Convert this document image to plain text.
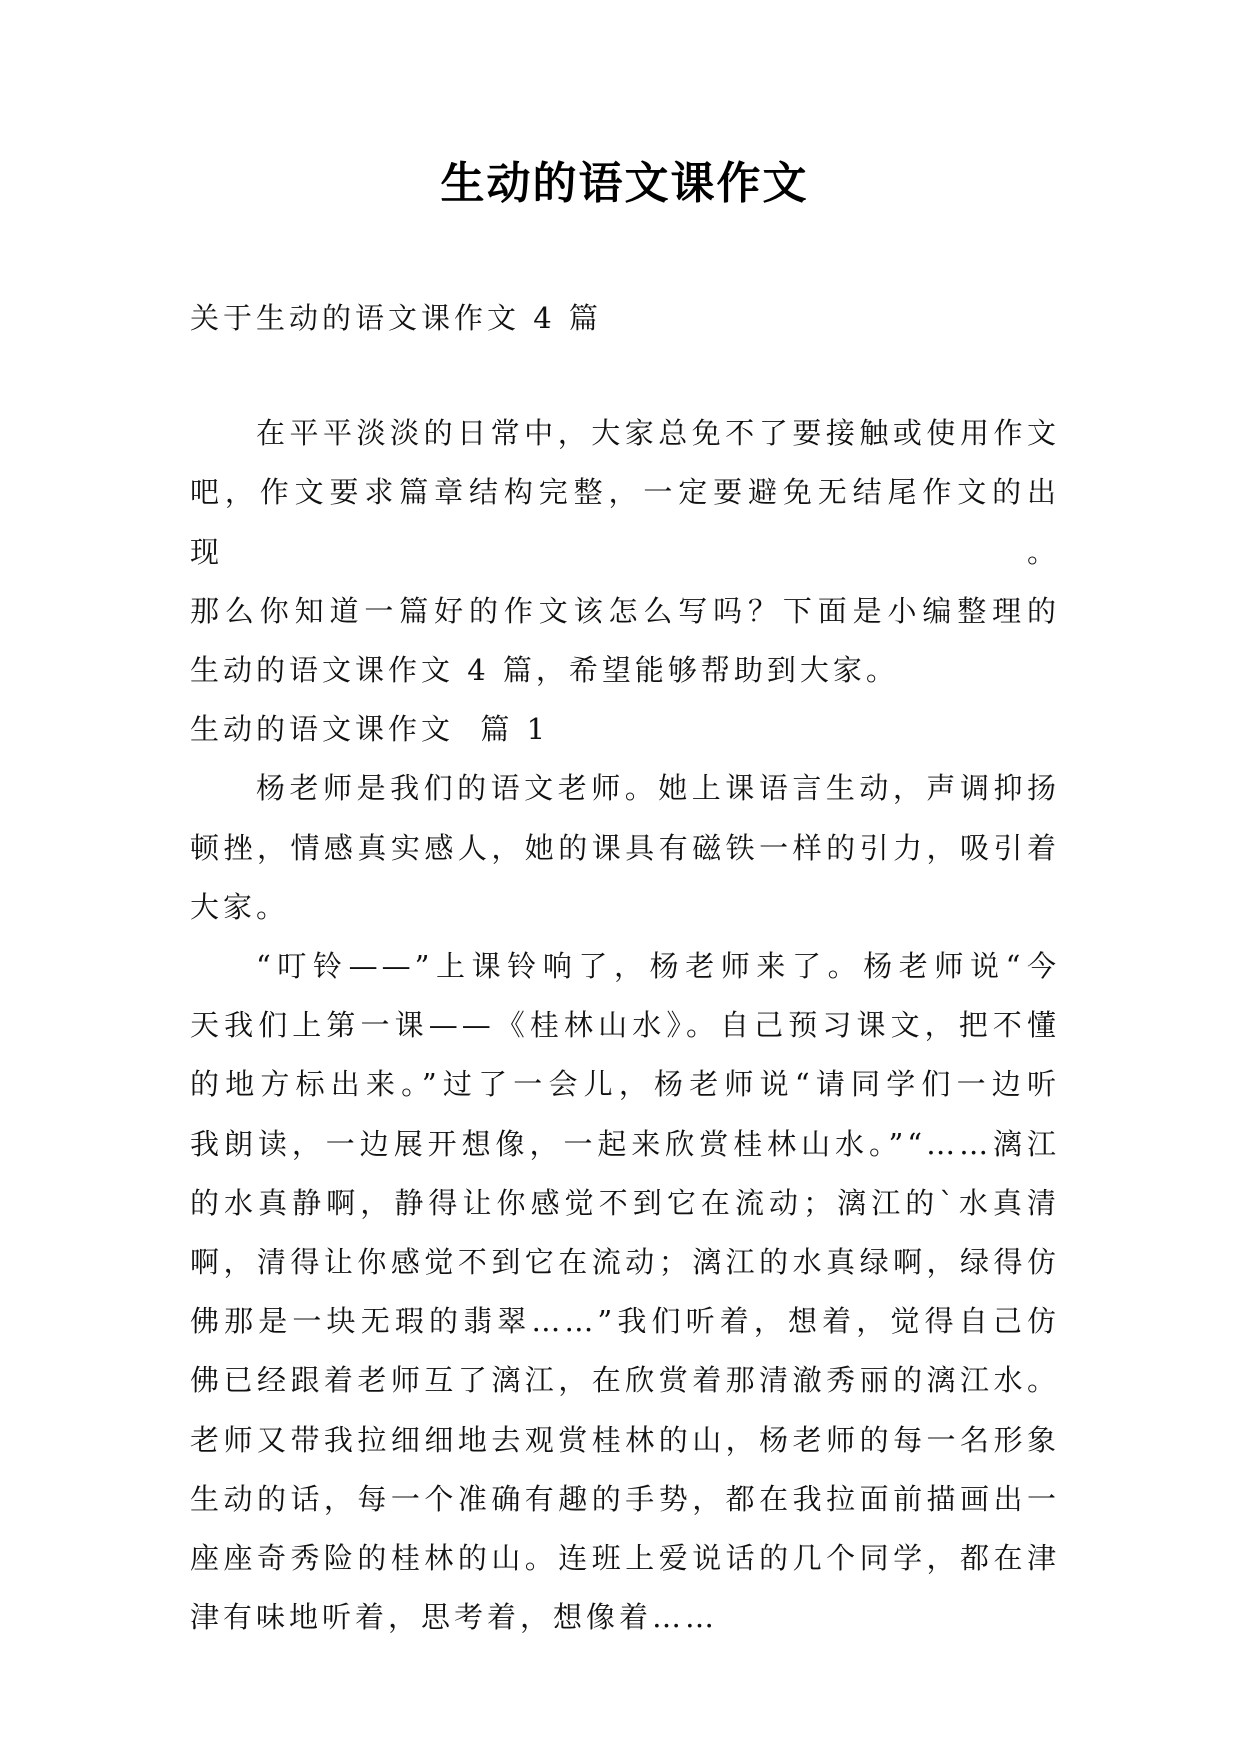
生动的语文课作文
关于生动的语文课作文 4 篇
在平平淡淡的日常中，大家总免不了要接触或使用作文
吧，作文要求篇章结构完整，一定要避免无结尾作文的出现。
那么你知道一篇好的作文该怎么写吗？下面是小编整理的
生动的语文课作文 4 篇，希望能够帮助到大家。
生动的语文课作文  篇 1
杨老师是我们的语文老师。她上课语言生动，声调抑扬
顿挫，情感真实感人，她的课具有磁铁一样的引力，吸引着
大家。
“叮铃——”上课铃响了，杨老师来了。杨老师说“今
天我们上第一课——《桂林山水》。自己预习课文，把不懂
的地方标出来。”过了一会儿，杨老师说“请同学们一边听
我朗读，一边展开想像，一起来欣赏桂林山水。”“……漓江
的水真静啊，静得让你感觉不到它在流动；漓江的`水真清
啊，清得让你感觉不到它在流动；漓江的水真绿啊，绿得仿
佛那是一块无瑕的翡翠……”我们听着，想着，觉得自己仿
佛已经跟着老师互了漓江，在欣赏着那清澈秀丽的漓江水。
老师又带我拉细细地去观赏桂林的山，杨老师的每一名形象
生动的话，每一个准确有趣的手势，都在我拉面前描画出一
座座奇秀险的桂林的山。连班上爱说话的几个同学，都在津
津有味地听着，思考着，想像着……
